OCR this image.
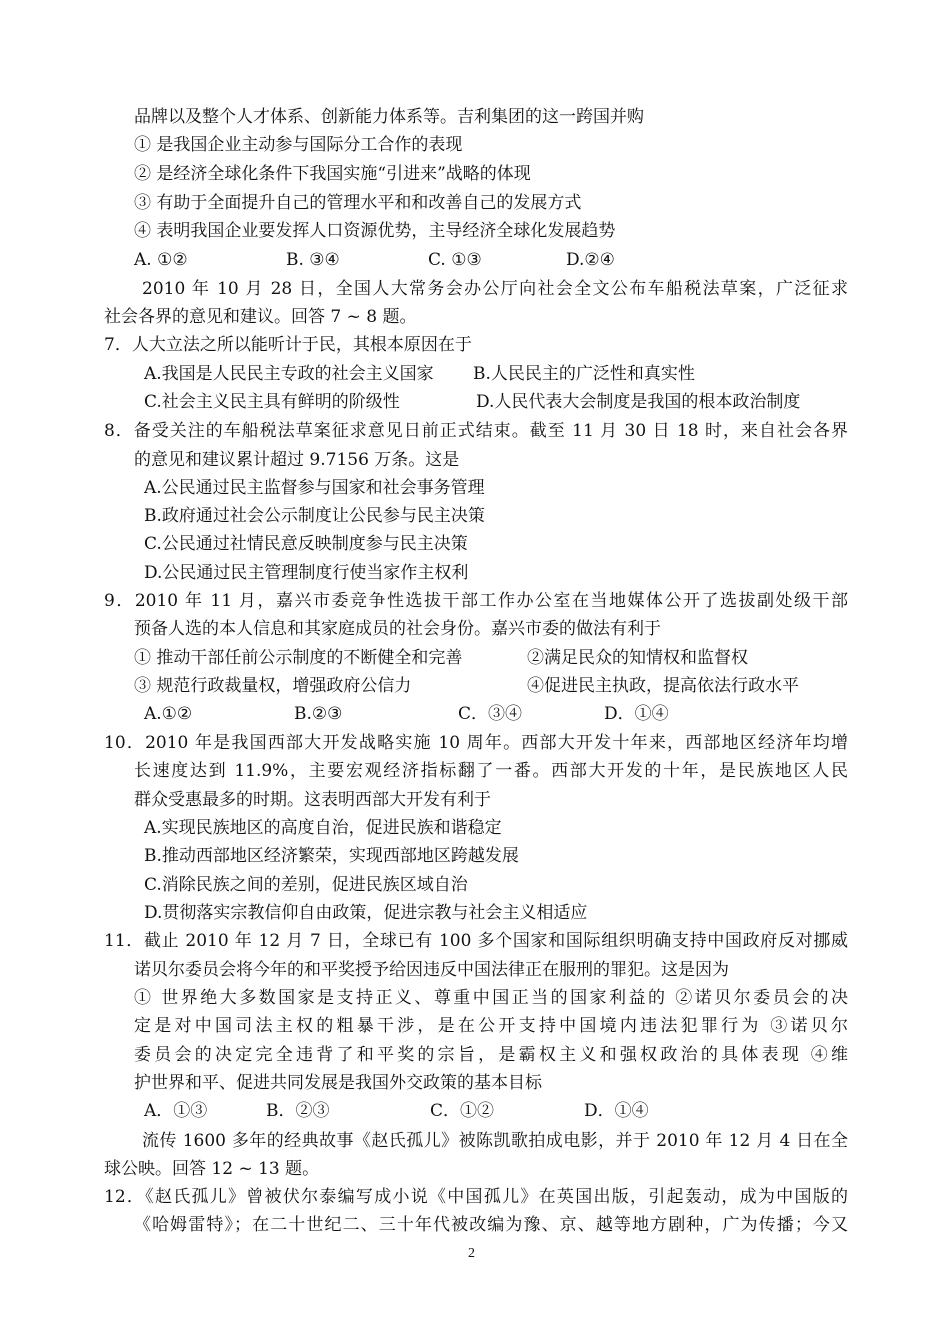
品牌以及整个人才体系、创新能力体系等。吉利集团的这一跨国并购
① 是我国企业主动参与国际分工合作的表现
② 是经济全球化条件下我国实施“引进来”战略的体现
③ 有助于全面提升自己的管理水平和和改善自己的发展方式
④ 表明我国企业要发挥人口资源优势，主导经济全球化发展趋势
2010 年 10 月 28 日，全国人大常务会办公厅向社会全文公布车船税法草案，广泛征求
社会各界的意见和建议。回答 7 ~ 8 题。
7．人大立法之所以能听计于民，其根本原因在于
8．备受关注的车船税法草案征求意见日前正式结束。截至 11 月 30 日 18 时，来自社会各界
的意见和建议累计超过 9.7156 万条。这是
A.公民通过民主监督参与国家和社会事务管理
B.政府通过社会公示制度让公民参与民主决策
C.公民通过社情民意反映制度参与民主决策
D.公民通过民主管理制度行使当家作主权利
9．2010 年 11 月，嘉兴市委竞争性选拔干部工作办公室在当地媒体公开了选拔副处级干部
预备人选的本人信息和其家庭成员的社会身份。嘉兴市委的做法有利于
① 推动干部任前公示制度的不断健全和完善	②满足民众的知情权和监督权
③ 规范行政裁量权，增强政府公信力	④促进民主执政，提高依法行政水平
10．2010 年是我国西部大开发战略实施 10 周年。西部大开发十年来，西部地区经济年均增
长速度达到 11.9%，主要宏观经济指标翻了一番。西部大开发的十年，是民族地区人民
群众受惠最多的时期。这表明西部大开发有利于
A.实现民族地区的高度自治，促进民族和谐稳定
B.推动西部地区经济繁荣，实现西部地区跨越发展
C.消除民族之间的差别，促进民族区域自治
D.贯彻落实宗教信仰自由政策，促进宗教与社会主义相适应
11．截止 2010 年 12 月 7 日，全球已有 100 多个国家和国际组织明确支持中国政府反对挪威
诺贝尔委员会将今年的和平奖授予给因违反中国法律正在服刑的罪犯。这是因为
① 世界绝大多数国家是支持正义、尊重中国正当的国家利益的 ②诺贝尔委员会的决
定是对中国司法主权的粗暴干涉，是在公开支持中国境内违法犯罪行为 ③诺贝尔
委员会的决定完全违背了和平奖的宗旨，是霸权主义和强权政治的具体表现 ④维
护世界和平、促进共同发展是我国外交政策的基本目标
流传 1600 多年的经典故事《赵氏孤儿》被陈凯歌拍成电影，并于 2010 年 12 月 4 日在全
球公映。回答 12 ~ 13 题。
12．《赵氏孤儿》曾被伏尔泰编写成小说《中国孤儿》在英国出版，引起轰动，成为中国版的
《哈姆雷特》；在二十世纪二、三十年代被改编为豫、京、越等地方剧种，广为传播；今又
A. ①②	B. ③④	C. ①③	D.②④
A.我国是人民民主专政的社会主义国家 B.人民民主的广泛性和真实性
C.社会主义民主具有鲜明的阶级性	D.人民代表大会制度是我国的根本政治制度
A.①②	B.②③	C．③④	D．①④
A．①③	B．②③	C．①②	D．①④
2
